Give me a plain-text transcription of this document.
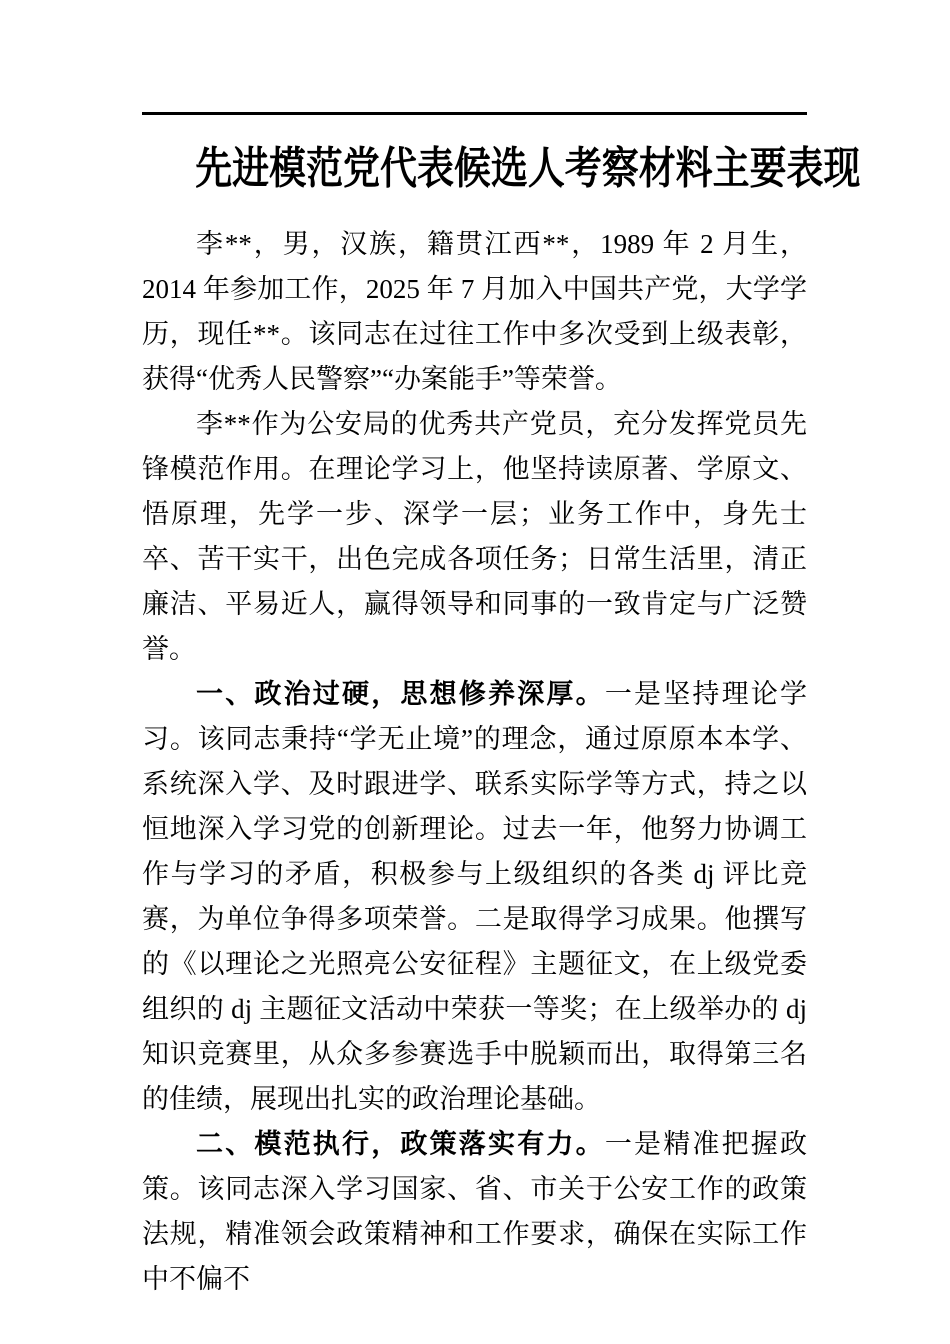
先进模范党代表候选人考察材料主要表现

李**，男，汉族，籍贯江西**，1989 年 2 月生，2014 年参加工作，2025 年 7 月加入中国共产党，大学学历，现任**。该同志在过往工作中多次受到上级表彰，获得“优秀人民警察”“办案能手”等荣誉。

李**作为公安局的优秀共产党员，充分发挥党员先锋模范作用。在理论学习上，他坚持读原著、学原文、悟原理，先学一步、深学一层；业务工作中，身先士卒、苦干实干，出色完成各项任务；日常生活里，清正廉洁、平易近人，赢得领导和同事的一致肯定与广泛赞誉。

一、政治过硬，思想修养深厚。一是坚持理论学习。该同志秉持“学无止境”的理念，通过原原本本学、系统深入学、及时跟进学、联系实际学等方式，持之以恒地深入学习党的创新理论。过去一年，他努力协调工作与学习的矛盾，积极参与上级组织的各类 dj 评比竞赛，为单位争得多项荣誉。二是取得学习成果。他撰写的《以理论之光照亮公安征程》主题征文，在上级党委组织的 dj 主题征文活动中荣获一等奖；在上级举办的 dj 知识竞赛里，从众多参赛选手中脱颖而出，取得第三名的佳绩，展现出扎实的政治理论基础。

二、模范执行，政策落实有力。一是精准把握政策。该同志深入学习国家、省、市关于公安工作的政策法规，精准领会政策精神和工作要求，确保在实际工作中不偏不
